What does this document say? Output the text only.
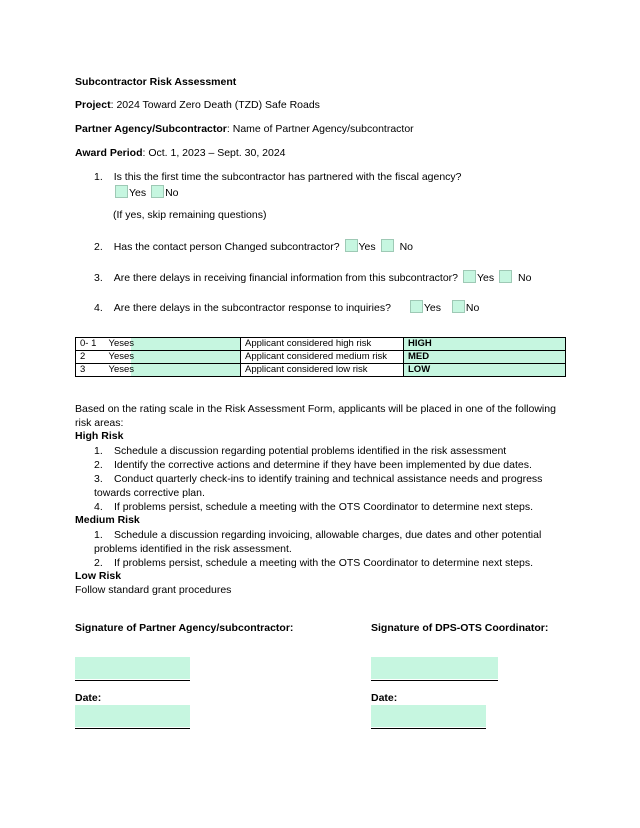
Subcontractor Risk Assessment
Project: 2024 Toward Zero Death (TZD) Safe Roads
Partner Agency/Subcontractor: Name of Partner Agency/subcontractor
Award Period: Oct. 1, 2023 – Sept. 30, 2024
1. Is this the first time the subcontractor has partnered with the fiscal agency?
Yes No
(If yes, skip remaining questions)
2. Has the contact person Changed subcontractor? Yes No
3. Are there delays in receiving financial information from this subcontractor? Yes No
4. Are there delays in the subcontractor response to inquiries?	Yes No
0- 1	Yeses	Applicant considered high risk	HIGH
2	Yeses	Applicant considered medium risk	MED
3	Yeses	Applicant considered low risk	LOW
Based on the rating scale in the Risk Assessment Form, applicants will be placed in one of the following risk areas:
High Risk
1. Schedule a discussion regarding potential problems identified in the risk assessment
2. Identify the corrective actions and determine if they have been implemented by due dates.
3. Conduct quarterly check-ins to identify training and technical assistance needs and progress towards corrective plan.
4. If problems persist, schedule a meeting with the OTS Coordinator to determine next steps.
Medium Risk
1. Schedule a discussion regarding invoicing, allowable charges, due dates and other potential problems identified in the risk assessment.
2. If problems persist, schedule a meeting with the OTS Coordinator to determine next steps.
Low Risk
Follow standard grant procedures
Signature of Partner Agency/subcontractor:	Signature of DPS-OTS Coordinator:
Date:	Date:
